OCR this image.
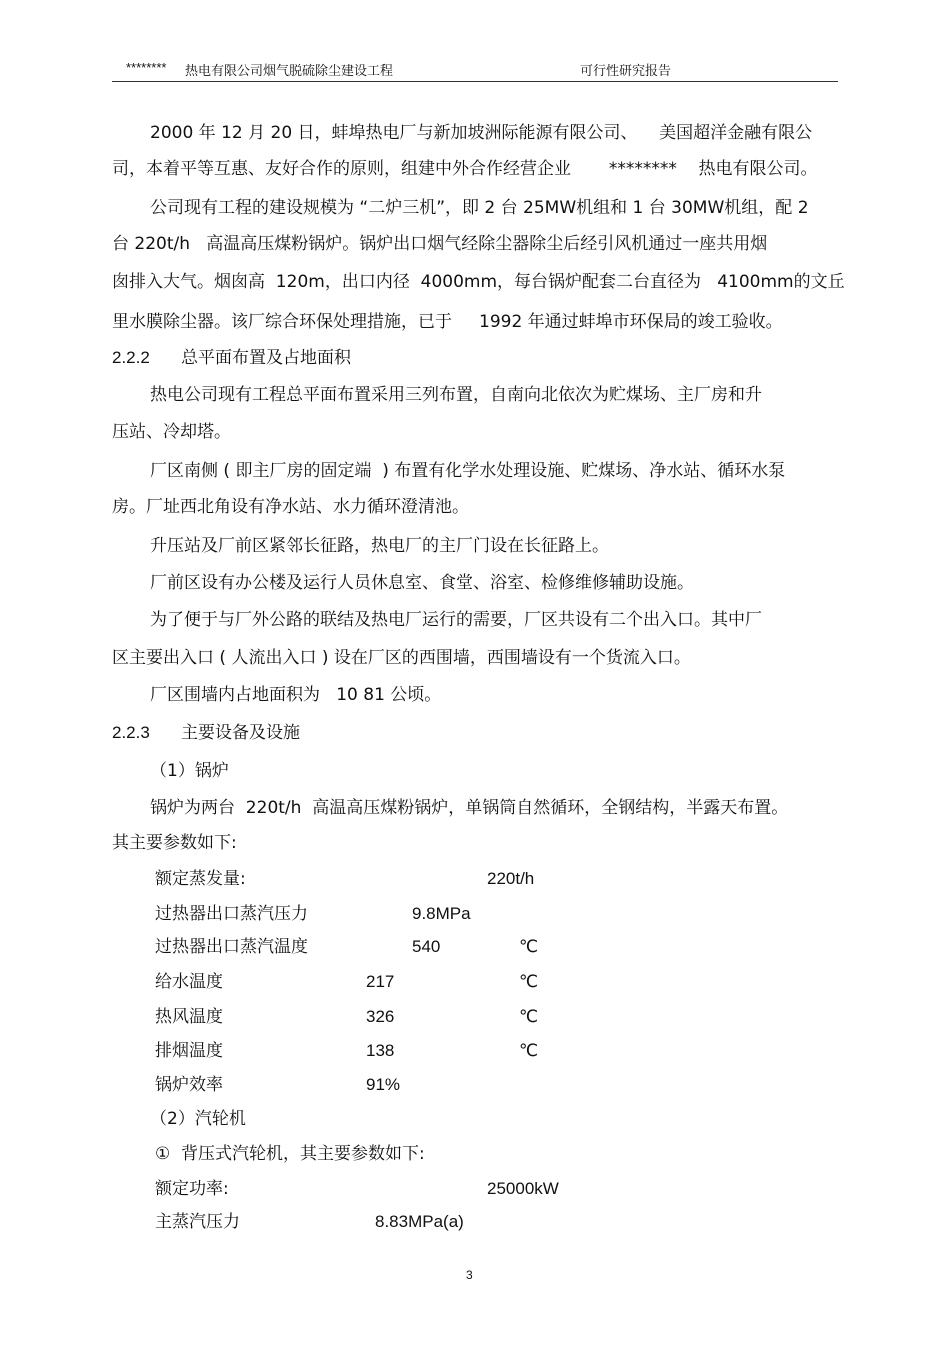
******** 热电有限公司烟气脱硫除尘建设工程	可行性研究报告
2000 年 12 月 20 日，蚌埠热电厂与新加坡洲际能源有限公司、    美国超洋金融有限公
司，本着平等互惠、友好合作的原则，组建中外合作经营企业       ********    热电有限公司。
公司现有工程的建设规模为 “二炉三机”，即 2 台 25MW机组和 1 台 30MW机组，配 2
台 220t/h   高温高压煤粉锅炉。锅炉出口烟气经除尘器除尘后经引风机通过一座共用烟
囱排入大气。烟囱高  120m，出口内径  4000mm，每台锅炉配套二台直径为   4100mm的文丘
里水膜除尘器。该厂综合环保处理措施，已于     1992 年通过蚌埠市环保局的竣工验收。
2.2.2 总平面布置及占地面积
热电公司现有工程总平面布置采用三列布置，自南向北依次为贮煤场、主厂房和升
压站、冷却塔。
厂区南侧 ( 即主厂房的固定端  ) 布置有化学水处理设施、贮煤场、净水站、循环水泵
房。厂址西北角设有净水站、水力循环澄清池。
升压站及厂前区紧邻长征路，热电厂的主厂门设在长征路上。
厂前区设有办公楼及运行人员休息室、食堂、浴室、检修维修辅助设施。
为了便于与厂外公路的联结及热电厂运行的需要，厂区共设有二个出入口。其中厂
区主要出入口 ( 人流出入口 ) 设在厂区的西围墙，西围墙设有一个货流入口。
厂区围墙内占地面积为   10 81 公顷。
2.2.3 主要设备及设施
（1）锅炉
锅炉为两台  220t/h  高温高压煤粉锅炉，单锅筒自然循环，全钢结构，半露天布置。
其主要参数如下:
额定蒸发量:	220t/h
过热器出口蒸汽压力	9.8MPa
过热器出口蒸汽温度	540	℃
给水温度	217	℃
热风温度	326	℃
排烟温度	138	℃
锅炉效率	91%
（2）汽轮机
①  背压式汽轮机，其主要参数如下:
额定功率:	25000kW
主蒸汽压力	8.83MPa(a)
3
